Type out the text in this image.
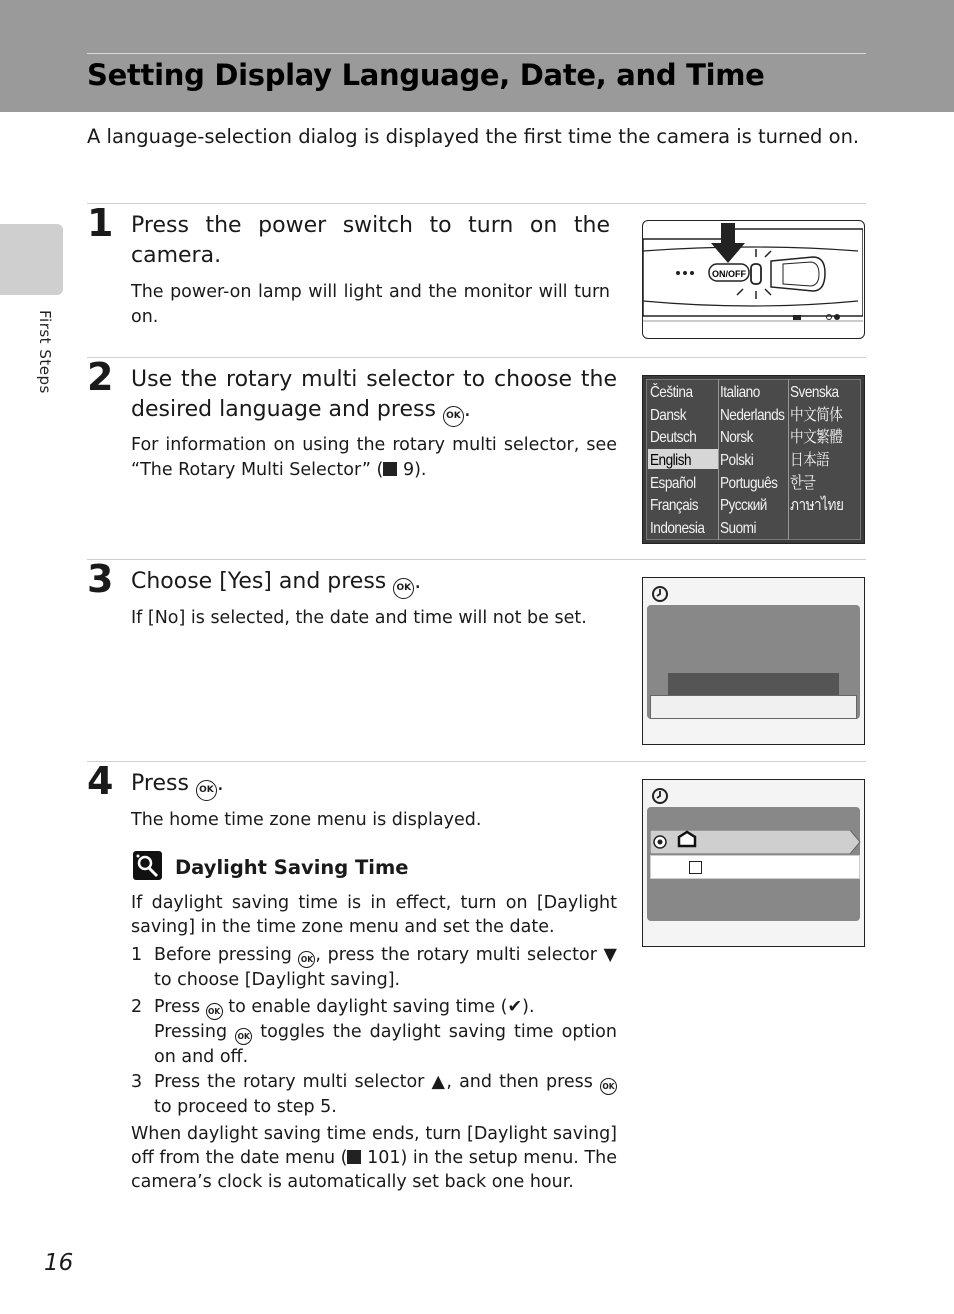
Setting Display Language, Date, and Time
First Steps
A language-selection dialog is displayed the first time the camera is turned on.
1 Press the power switch to turn on the camera.
The power-on lamp will light and the monitor will turn on.
ON/OFF
2 Use the rotary multi selector to choose the desired language and press OK .
For information on using the rotary multi selector, see “The Rotary Multi Selector” ( 9).
Čeština
Dansk
Deutsch
English
Español
Français
Indonesia
Italiano
Nederlands
Norsk
Polski
Português
Русский
Suomi
Svenska
中文简体
中文繁體
日本語
한글
ภาษาไทย
3 Choose [Yes] and press OK .
If [No] is selected, the date and time will not be set.
4 Press OK .
The home time zone menu is displayed.
Daylight Saving Time
If daylight saving time is in effect, turn on [Daylight saving] in the time zone menu and set the date.
1 Before pressing OK , press the rotary multi selector ▼ to choose [Daylight saving].
2 Press OK to enable daylight saving time (✔).
Pressing OK toggles the daylight saving time option on and off.
3 Press the rotary multi selector ▲, and then press OK to proceed to step 5.
When daylight saving time ends, turn [Daylight saving] off from the date menu ( 101) in the setup menu. The camera’s clock is automatically set back one hour.
16
